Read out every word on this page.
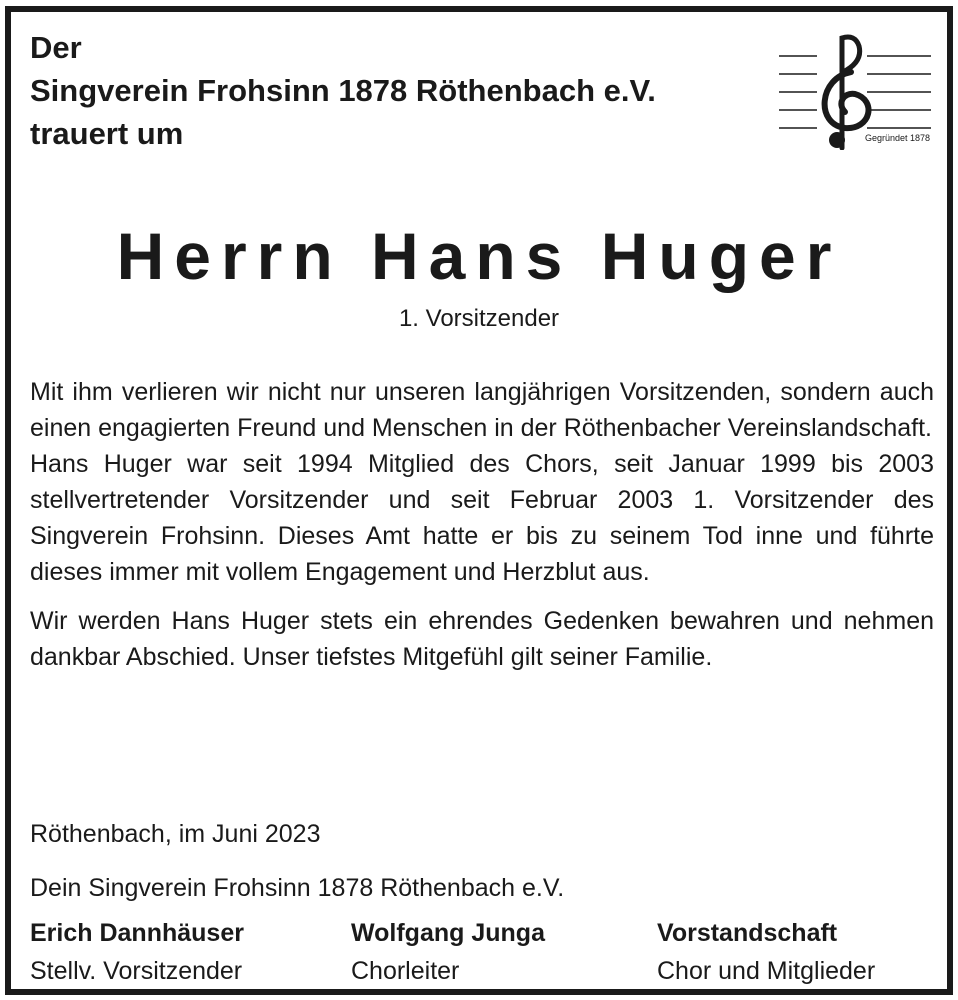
Der
Singverein Frohsinn 1878 Röthenbach e.V.
trauert um	Gegründet 1878
Herrn Hans Huger
1. Vorsitzender

Mit ihm verlieren wir nicht nur unseren langjährigen Vorsitzenden, sondern auch einen engagierten Freund und Menschen in der Röthenbacher Vereinslandschaft.

Hans Huger war seit 1994 Mitglied des Chors, seit Januar 1999 bis 2003 stellvertretender Vorsitzender und seit Februar 2003 1. Vorsitzender des Singverein Frohsinn. Dieses Amt hatte er bis zu seinem Tod inne und führte dieses immer mit vollem Engagement und Herzblut aus.

Wir werden Hans Huger stets ein ehrendes Gedenken bewahren und nehmen dankbar Abschied. Unser tiefstes Mitgefühl gilt seiner Familie.

Röthenbach, im Juni 2023
Dein Singverein Frohsinn 1878 Röthenbach e.V.
Erich Dannhäuser
Stellv. Vorsitzender
Wolfgang Junga
Chorleiter
Vorstandschaft
Chor und Mitglieder
